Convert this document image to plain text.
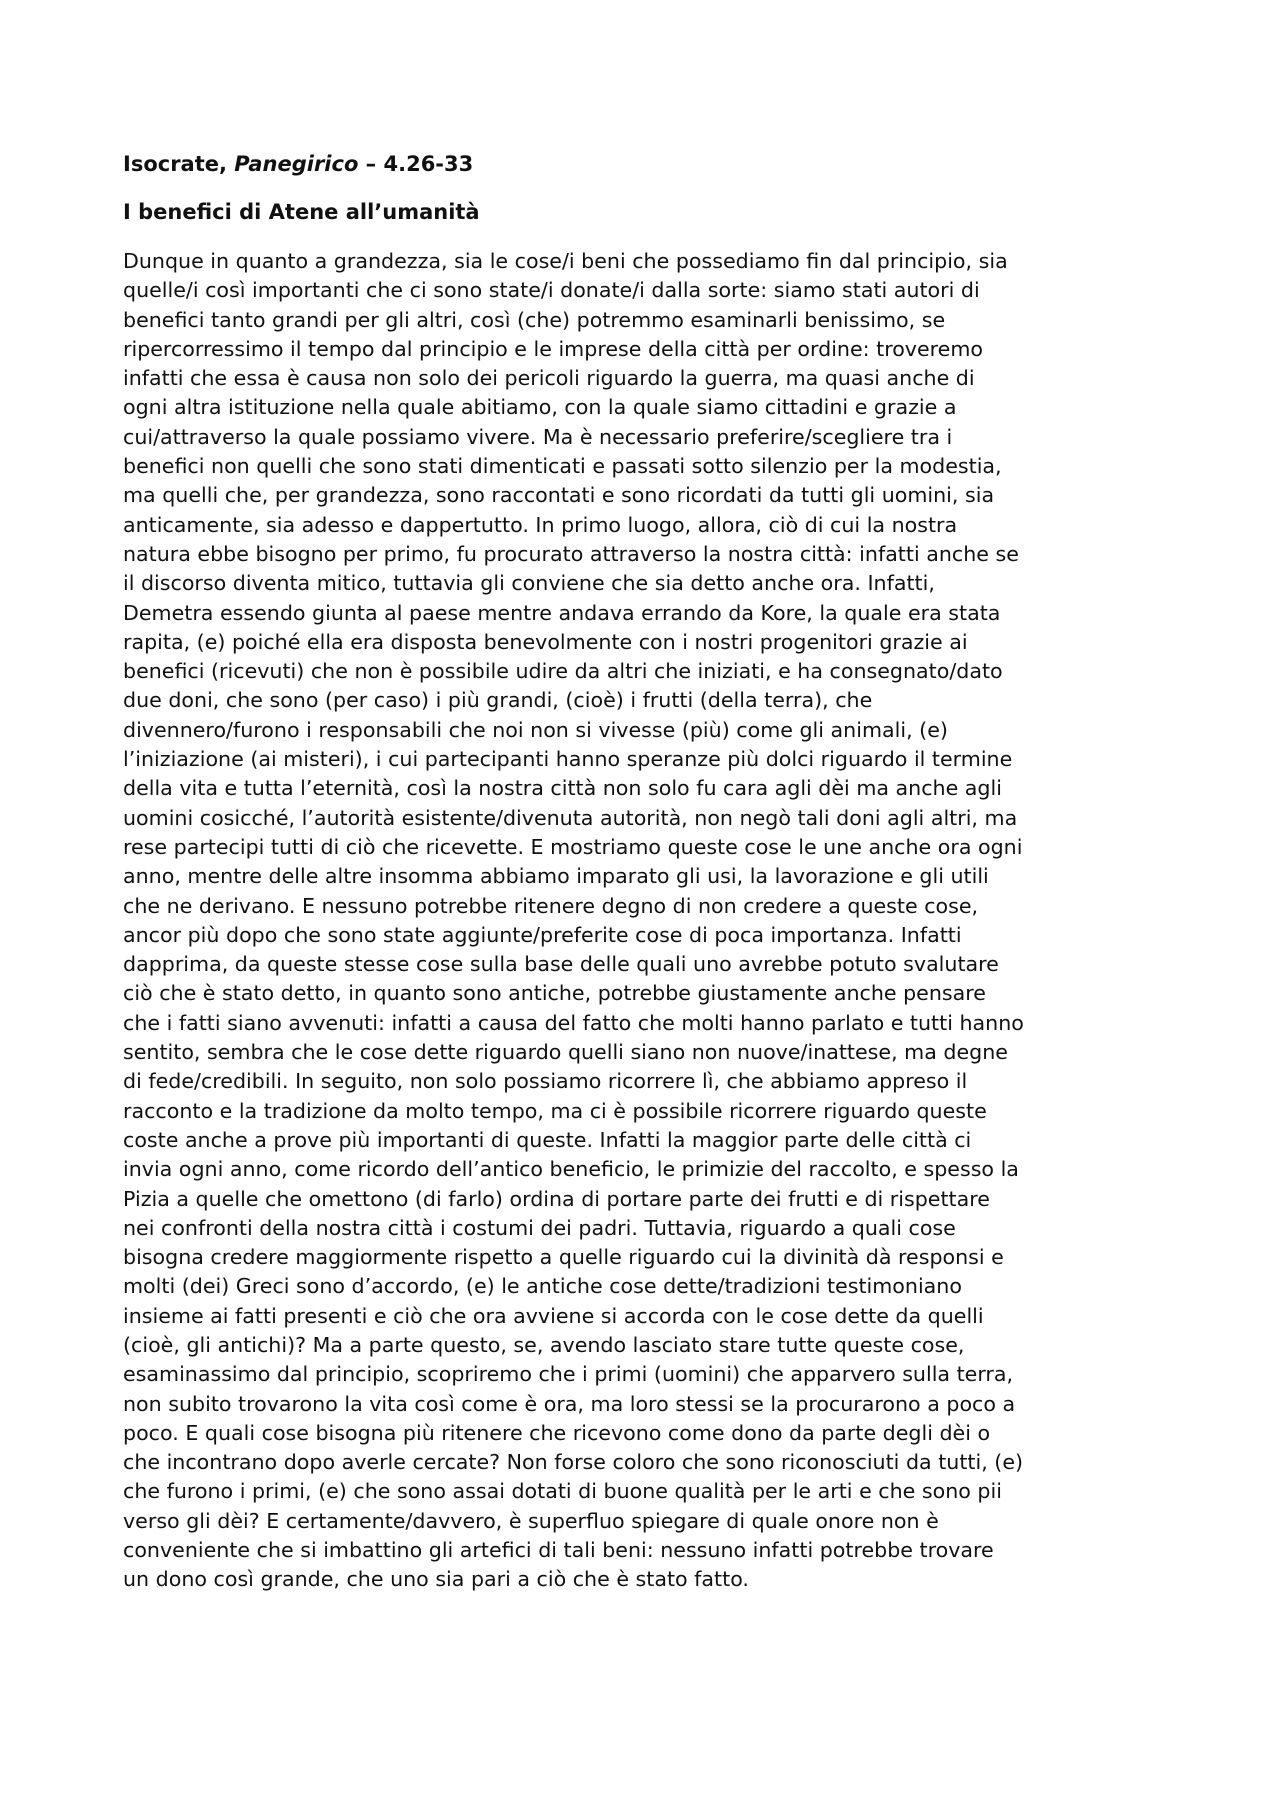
Isocrate, Panegirico – 4.26-33
I benefici di Atene all’umanità
Dunque in quanto a grandezza, sia le cose/i beni che possediamo fin dal principio, sia
quelle/i così importanti che ci sono state/i donate/i dalla sorte: siamo stati autori di
benefici tanto grandi per gli altri, così (che) potremmo esaminarli benissimo, se
ripercorressimo il tempo dal principio e le imprese della città per ordine: troveremo
infatti che essa è causa non solo dei pericoli riguardo la guerra, ma quasi anche di
ogni altra istituzione nella quale abitiamo, con la quale siamo cittadini e grazie a
cui/attraverso la quale possiamo vivere. Ma è necessario preferire/scegliere tra i
benefici non quelli che sono stati dimenticati e passati sotto silenzio per la modestia,
ma quelli che, per grandezza, sono raccontati e sono ricordati da tutti gli uomini, sia
anticamente, sia adesso e dappertutto. In primo luogo, allora, ciò di cui la nostra
natura ebbe bisogno per primo, fu procurato attraverso la nostra città: infatti anche se
il discorso diventa mitico, tuttavia gli conviene che sia detto anche ora. Infatti,
Demetra essendo giunta al paese mentre andava errando da Kore, la quale era stata
rapita, (e) poiché ella era disposta benevolmente con i nostri progenitori grazie ai
benefici (ricevuti) che non è possibile udire da altri che iniziati, e ha consegnato/dato
due doni, che sono (per caso) i più grandi, (cioè) i frutti (della terra), che
divennero/furono i responsabili che noi non si vivesse (più) come gli animali, (e)
l’iniziazione (ai misteri), i cui partecipanti hanno speranze più dolci riguardo il termine
della vita e tutta l’eternità, così la nostra città non solo fu cara agli dèi ma anche agli
uomini cosicché, l’autorità esistente/divenuta autorità, non negò tali doni agli altri, ma
rese partecipi tutti di ciò che ricevette. E mostriamo queste cose le une anche ora ogni
anno, mentre delle altre insomma abbiamo imparato gli usi, la lavorazione e gli utili
che ne derivano. E nessuno potrebbe ritenere degno di non credere a queste cose,
ancor più dopo che sono state aggiunte/preferite cose di poca importanza. Infatti
dapprima, da queste stesse cose sulla base delle quali uno avrebbe potuto svalutare
ciò che è stato detto, in quanto sono antiche, potrebbe giustamente anche pensare
che i fatti siano avvenuti: infatti a causa del fatto che molti hanno parlato e tutti hanno
sentito, sembra che le cose dette riguardo quelli siano non nuove/inattese, ma degne
di fede/credibili. In seguito, non solo possiamo ricorrere lì, che abbiamo appreso il
racconto e la tradizione da molto tempo, ma ci è possibile ricorrere riguardo queste
coste anche a prove più importanti di queste. Infatti la maggior parte delle città ci
invia ogni anno, come ricordo dell’antico beneficio, le primizie del raccolto, e spesso la
Pizia a quelle che omettono (di farlo) ordina di portare parte dei frutti e di rispettare
nei confronti della nostra città i costumi dei padri. Tuttavia, riguardo a quali cose
bisogna credere maggiormente rispetto a quelle riguardo cui la divinità dà responsi e
molti (dei) Greci sono d’accordo, (e) le antiche cose dette/tradizioni testimoniano
insieme ai fatti presenti e ciò che ora avviene si accorda con le cose dette da quelli
(cioè, gli antichi)? Ma a parte questo, se, avendo lasciato stare tutte queste cose,
esaminassimo dal principio, scopriremo che i primi (uomini) che apparvero sulla terra,
non subito trovarono la vita così come è ora, ma loro stessi se la procurarono a poco a
poco. E quali cose bisogna più ritenere che ricevono come dono da parte degli dèi o
che incontrano dopo averle cercate? Non forse coloro che sono riconosciuti da tutti, (e)
che furono i primi, (e) che sono assai dotati di buone qualità per le arti e che sono pii
verso gli dèi? E certamente/davvero, è superfluo spiegare di quale onore non è
conveniente che si imbattino gli artefici di tali beni: nessuno infatti potrebbe trovare
un dono così grande, che uno sia pari a ciò che è stato fatto.
